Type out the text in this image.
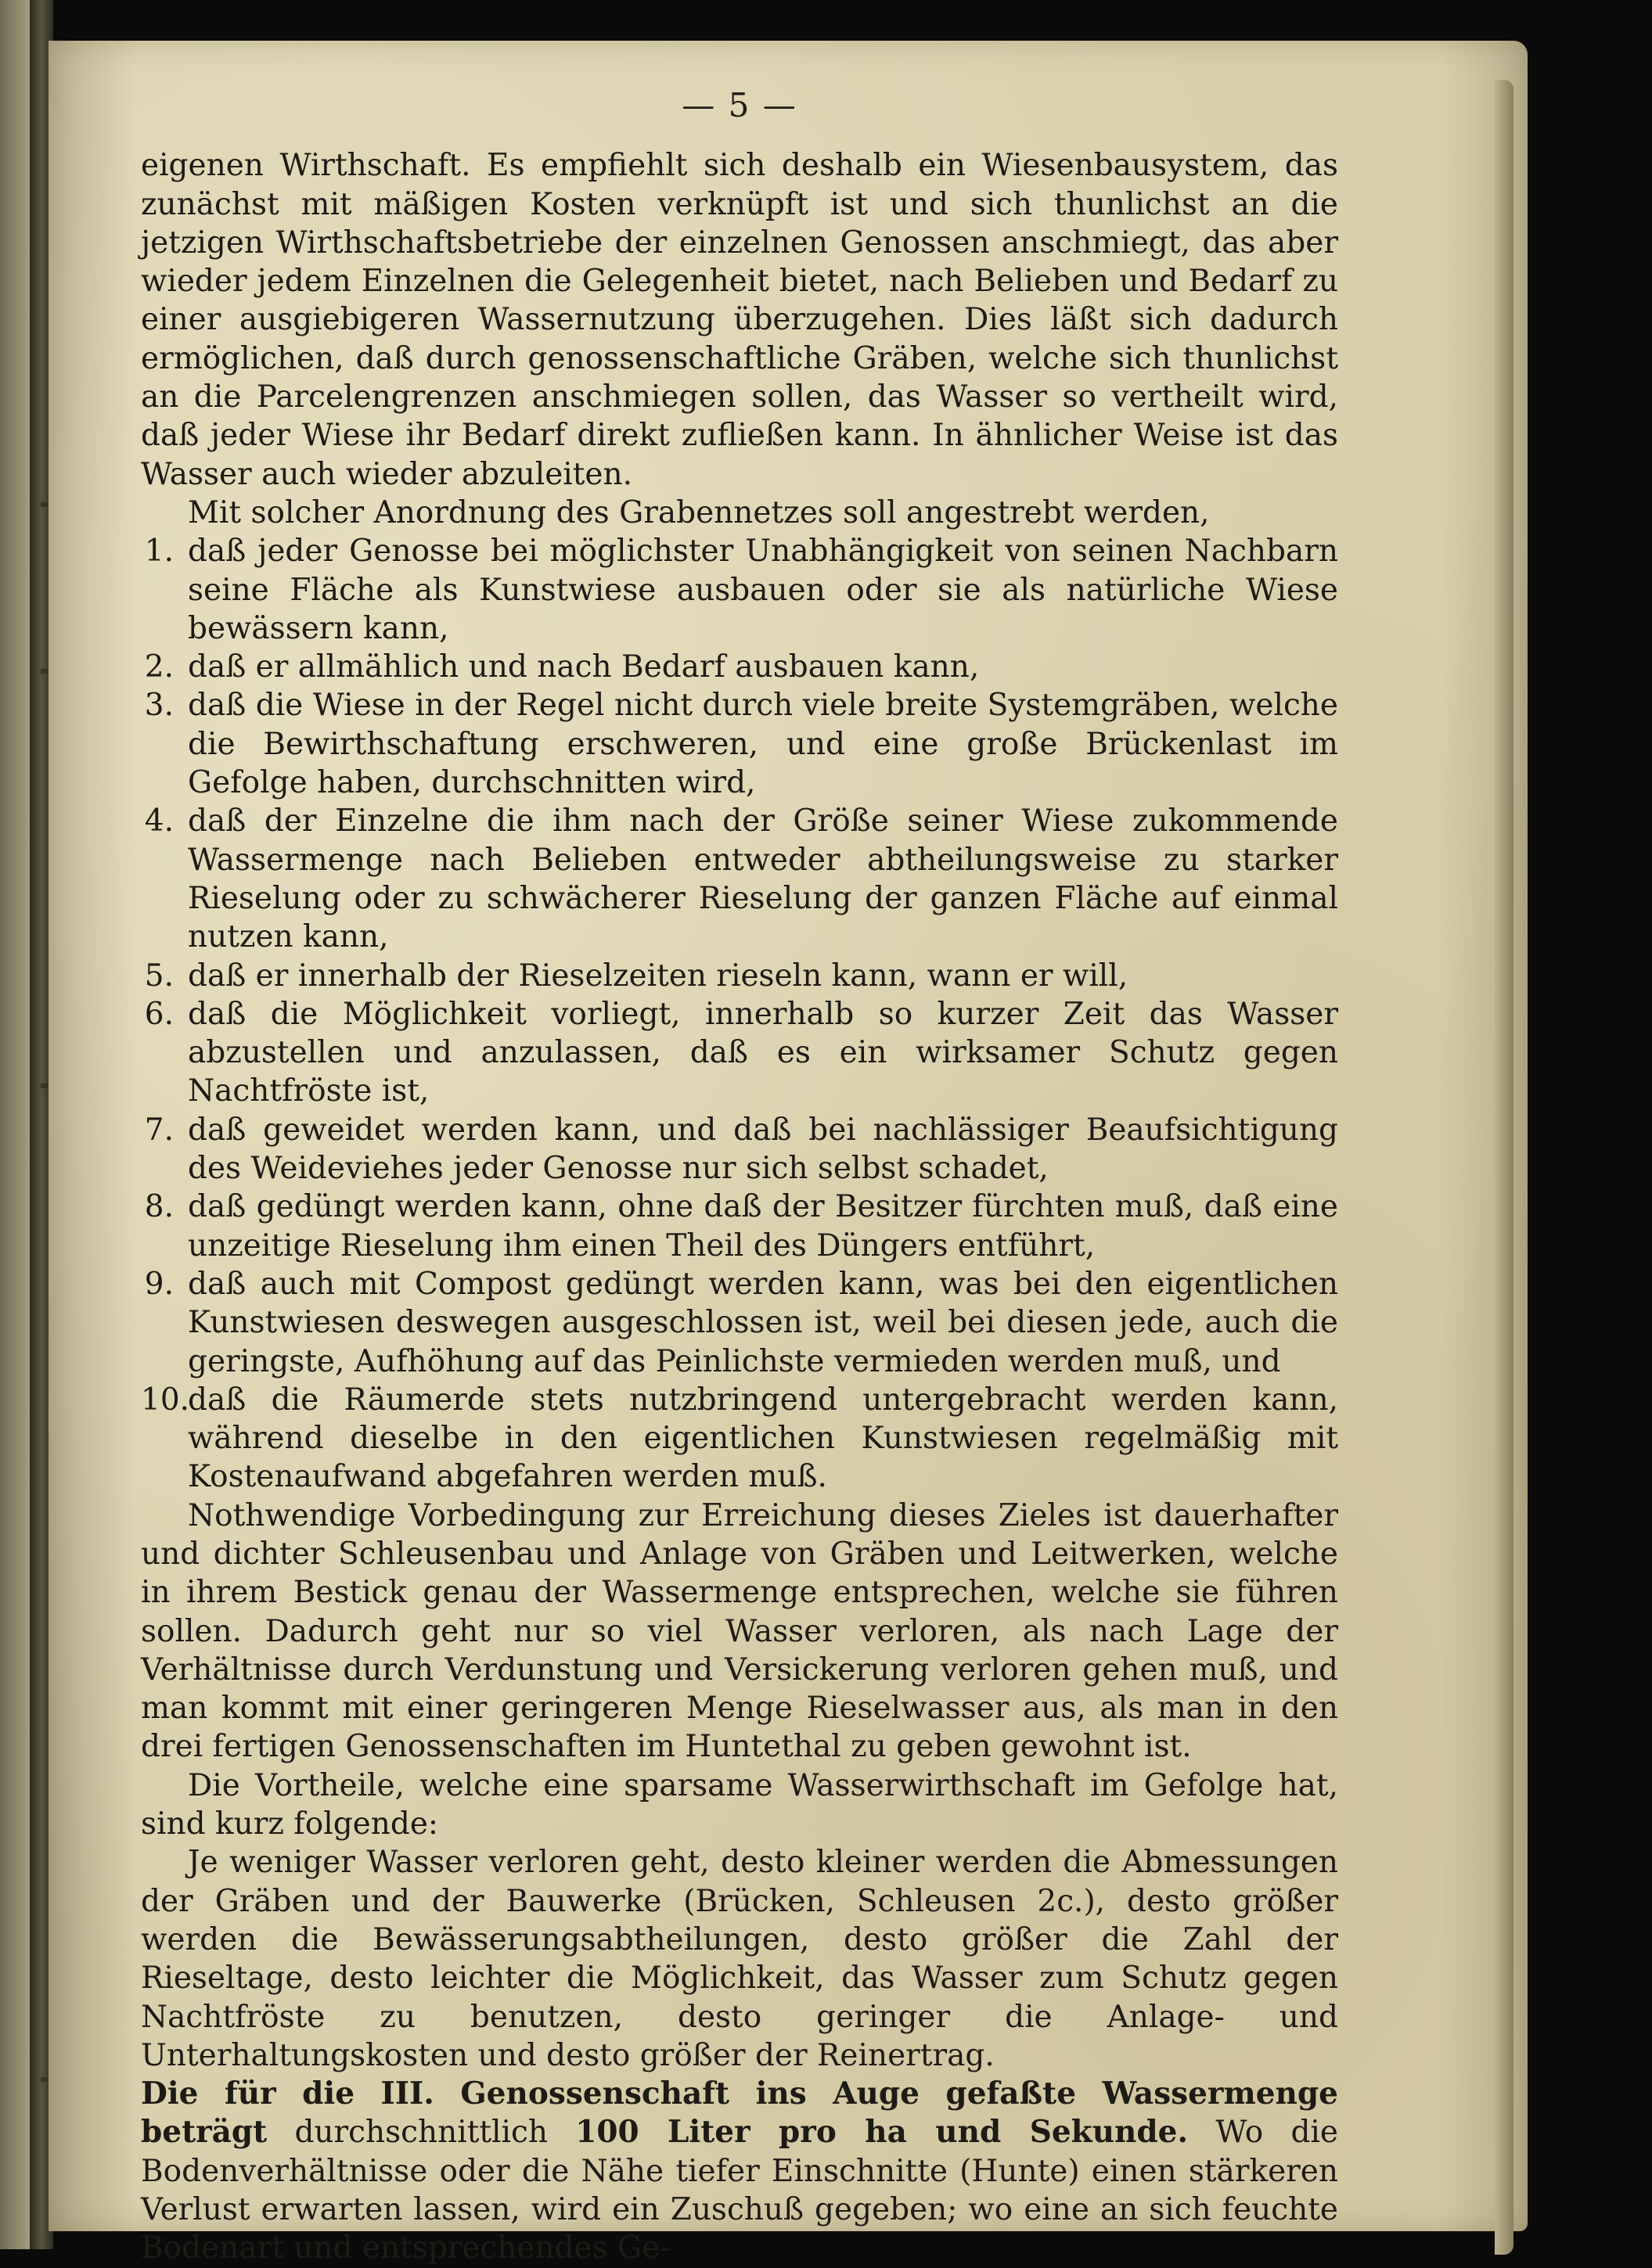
— 5 —

eigenen Wirthschaft. Es empfiehlt sich deshalb ein Wiesenbausystem, das zunächst mit mäßigen Kosten verknüpft ist und sich thunlichst an die jetzigen Wirthschaftsbetriebe der einzelnen Genossen anschmiegt, das aber wieder jedem Einzelnen die Gelegenheit bietet, nach Belieben und Bedarf zu einer ausgiebigeren Wassernutzung überzugehen. Dies läßt sich dadurch ermöglichen, daß durch genossenschaftliche Gräben, welche sich thunlichst an die Parcelengrenzen anschmiegen sollen, das Wasser so vertheilt wird, daß jeder Wiese ihr Bedarf direkt zufließen kann. In ähnlicher Weise ist das Wasser auch wieder abzuleiten.

Mit solcher Anordnung des Grabennetzes soll angestrebt werden,

1. daß jeder Genosse bei möglichster Unabhängigkeit von seinen Nachbarn seine Fläche als Kunstwiese ausbauen oder sie als natürliche Wiese bewässern kann,
2. daß er allmählich und nach Bedarf ausbauen kann,
3. daß die Wiese in der Regel nicht durch viele breite Systemgräben, welche die Bewirthschaftung erschweren, und eine große Brückenlast im Gefolge haben, durchschnitten wird,
4. daß der Einzelne die ihm nach der Größe seiner Wiese zukommende Wassermenge nach Belieben entweder abtheilungsweise zu starker Rieselung oder zu schwächerer Rieselung der ganzen Fläche auf einmal nutzen kann,
5. daß er innerhalb der Rieselzeiten rieseln kann, wann er will,
6. daß die Möglichkeit vorliegt, innerhalb so kurzer Zeit das Wasser abzustellen und anzulassen, daß es ein wirksamer Schutz gegen Nachtfröste ist,
7. daß geweidet werden kann, und daß bei nachlässiger Beaufsichtigung des Weideviehes jeder Genosse nur sich selbst schadet,
8. daß gedüngt werden kann, ohne daß der Besitzer fürchten muß, daß eine unzeitige Rieselung ihm einen Theil des Düngers entführt,
9. daß auch mit Compost gedüngt werden kann, was bei den eigentlichen Kunstwiesen deswegen ausgeschlossen ist, weil bei diesen jede, auch die geringste, Aufhöhung auf das Peinlichste vermieden werden muß, und
10.
daß die Räumerde stets nutzbringend untergebracht werden kann, während dieselbe in den eigentlichen Kunstwiesen regelmäßig mit Kostenaufwand abgefahren werden muß.

Nothwendige Vorbedingung zur Erreichung dieses Zieles ist dauerhafter und dichter Schleusenbau und Anlage von Gräben und Leitwerken, welche in ihrem Bestick genau der Wassermenge entsprechen, welche sie führen sollen. Dadurch geht nur so viel Wasser verloren, als nach Lage der Verhältnisse durch Verdunstung und Versickerung verloren gehen muß, und man kommt mit einer geringeren Menge Rieselwasser aus, als man in den drei fertigen Genossenschaften im Huntethal zu geben gewohnt ist.

Die Vortheile, welche eine sparsame Wasserwirthschaft im Gefolge hat, sind kurz folgende:

Je weniger Wasser verloren geht, desto kleiner werden die Abmessungen der Gräben und der Bauwerke (Brücken, Schleusen 2c.), desto größer werden die Bewässerungsabtheilungen, desto größer die Zahl der Rieseltage, desto leichter die Möglichkeit, das Wasser zum Schutz gegen Nachtfröste zu benutzen, desto geringer die Anlage- und Unterhaltungskosten und desto größer der Reinertrag.

Die für die III. Genossenschaft ins Auge gefaßte Wassermenge beträgt durchschnittlich 100 Liter pro ha und Sekunde. Wo die Bodenverhältnisse oder die Nähe tiefer Einschnitte (Hunte) einen stärkeren Verlust erwarten lassen, wird ein Zuschuß gegeben; wo eine an sich feuchte Bodenart und entsprechendes Ge-
